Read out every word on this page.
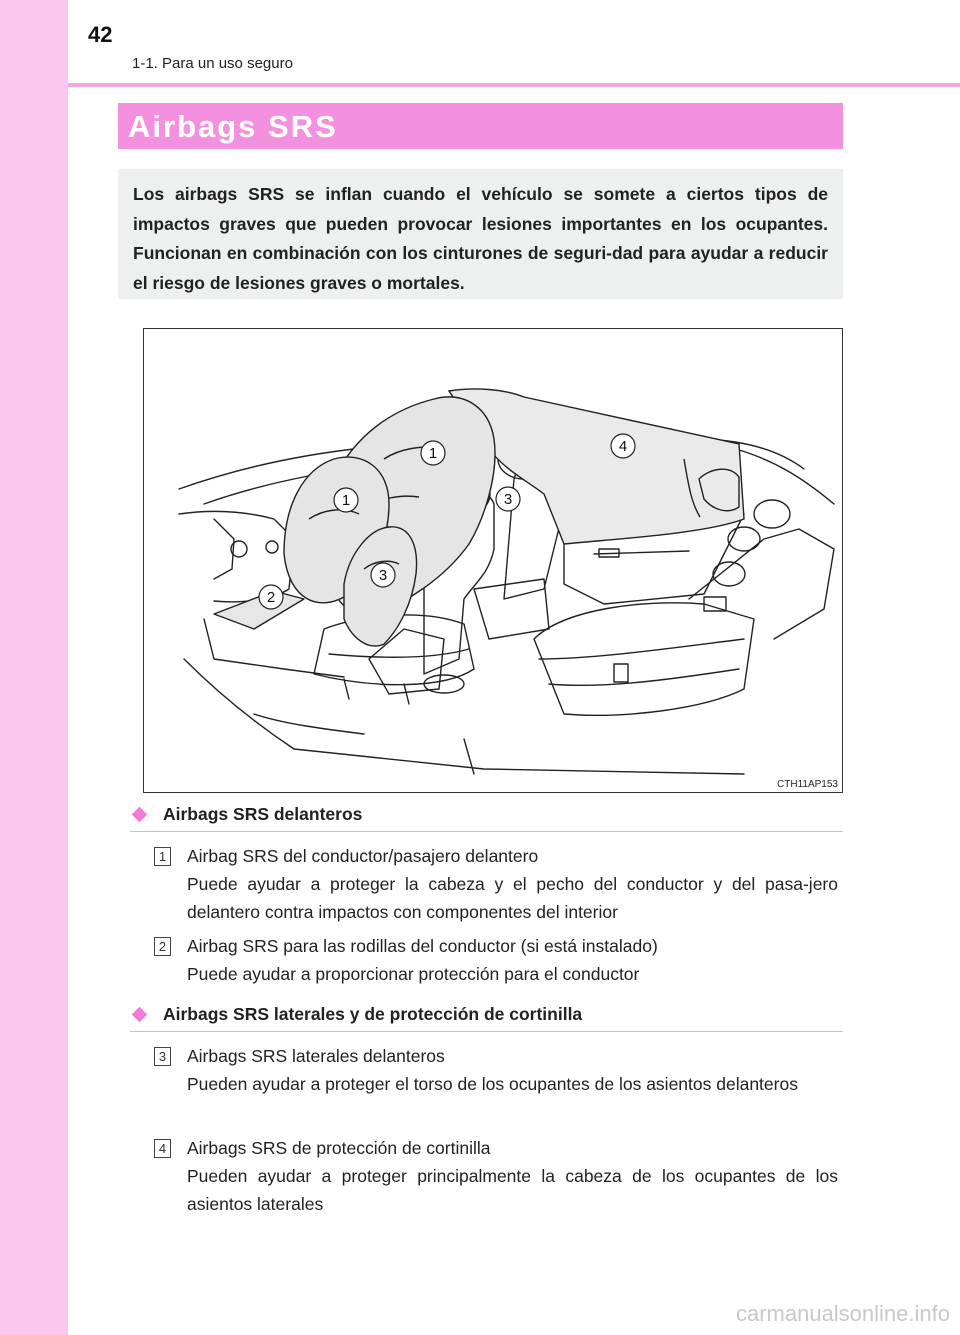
42
1-1. Para un uso seguro
Airbags SRS
Los airbags SRS se inflan cuando el vehículo se somete a ciertos tipos de impactos graves que pueden provocar lesiones importantes en los ocupantes. Funcionan en combinación con los cinturones de seguri-dad para ayudar a reducir el riesgo de lesiones graves o mortales.
1
1
2
3
3
4
CTH11AP153
Airbags SRS delanteros
1 Airbag SRS del conductor/pasajero delantero
Puede ayudar a proteger la cabeza y el pecho del conductor y del pasa-jero delantero contra impactos con componentes del interior
2 Airbag SRS para las rodillas del conductor (si está instalado)
Puede ayudar a proporcionar protección para el conductor
Airbags SRS laterales y de protección de cortinilla
3 Airbags SRS laterales delanteros
Pueden ayudar a proteger el torso de los ocupantes de los asientos delanteros
4 Airbags SRS de protección de cortinilla
Pueden ayudar a proteger principalmente la cabeza de los ocupantes de los asientos laterales
carmanualsonline.info
